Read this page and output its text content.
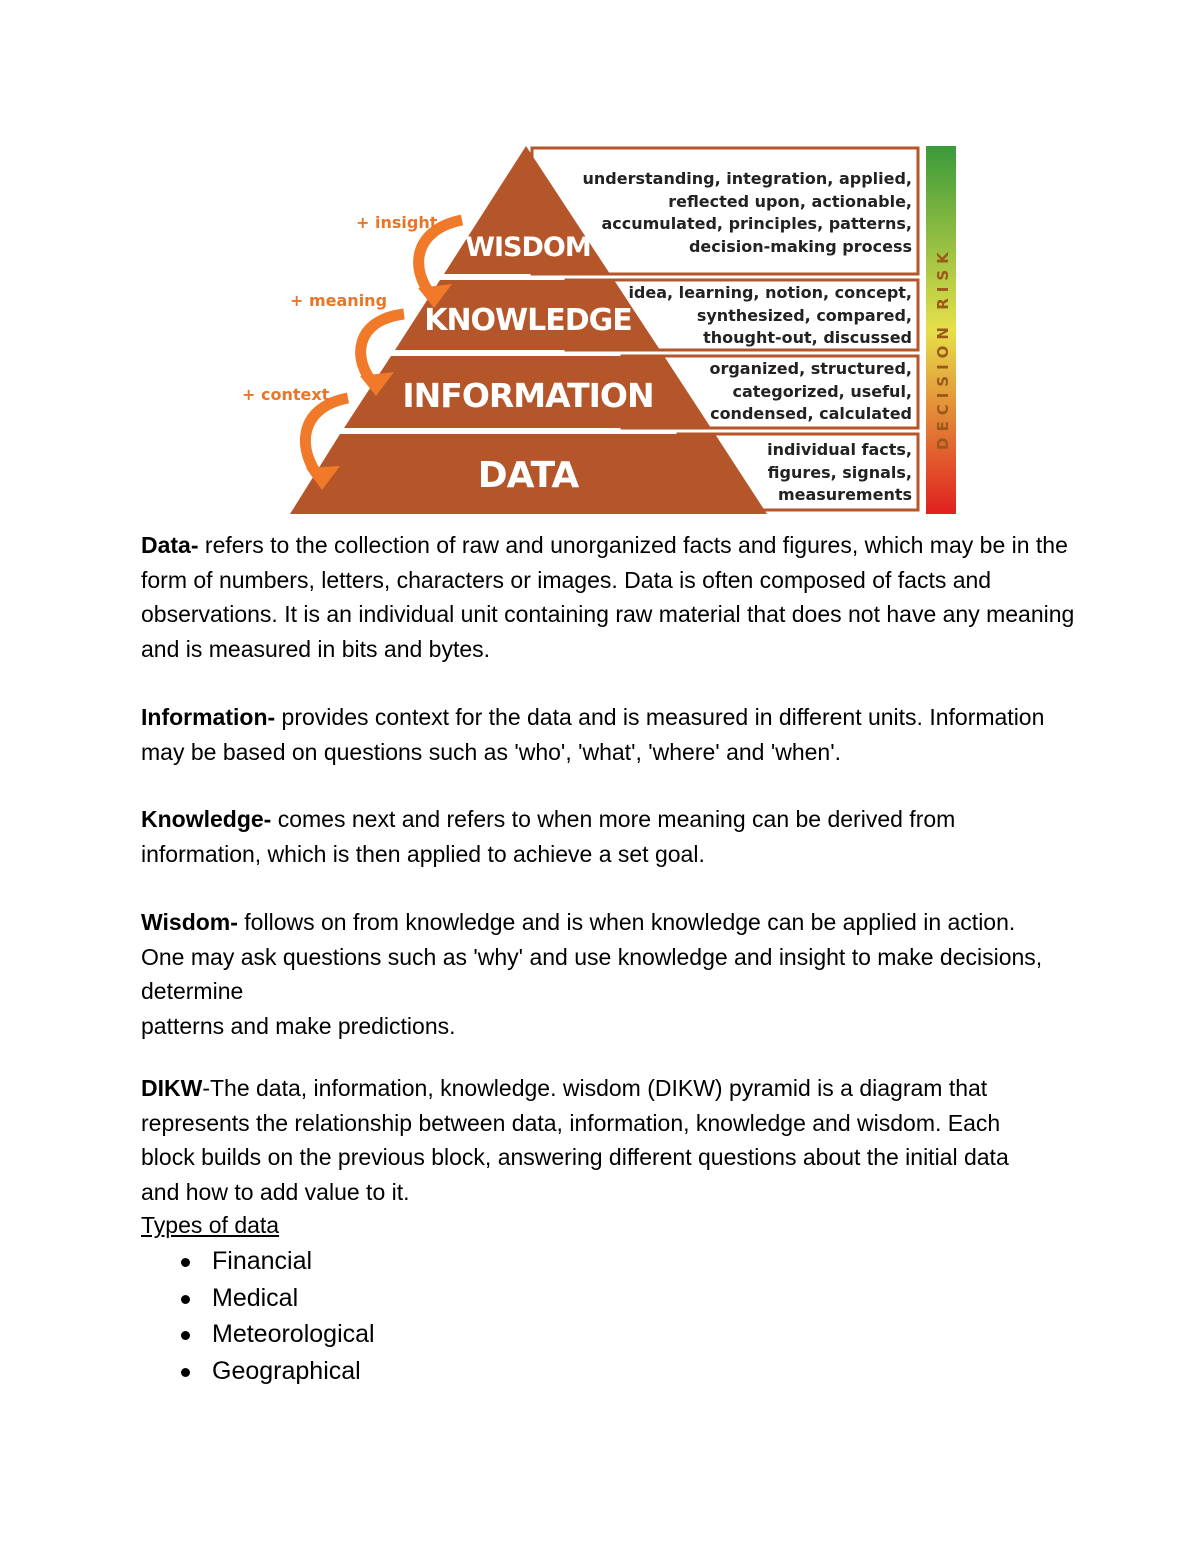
WISDOM
KNOWLEDGE
INFORMATION
DATA
+ insight
+ meaning
+ context	DECISION RISK
understanding, integration, applied,
reflected upon, actionable,
accumulated, principles, patterns,
decision-making process
idea, learning, notion, concept,
synthesized, compared,
thought-out, discussed
organized, structured,
categorized, useful,
condensed, calculated
individual facts,
figures, signals,
measurements
Data- refers to the collection of raw and unorganized facts and figures, which may be in the form of numbers, letters, characters or images. Data is often composed of facts and observations. It is an individual unit containing raw material that does not have any meaning and is measured in bits and bytes.
Information- provides context for the data and is measured in different units. Information may be based on questions such as 'who', 'what', 'where' and 'when'.
Knowledge- comes next and refers to when more meaning can be derived from information, which is then applied to achieve a set goal.
Wisdom- follows on from knowledge and is when knowledge can be applied in action. One may ask questions such as 'why' and use knowledge and insight to make decisions, determine
patterns and make predictions.
DIKW-The data, information, knowledge. wisdom (DIKW) pyramid is a diagram that represents the relationship between data, information, knowledge and wisdom. Each block builds on the previous block, answering different questions about the initial data and how to add value to it.
Types of data
Financial
Medical
Meteorological
Geographical
